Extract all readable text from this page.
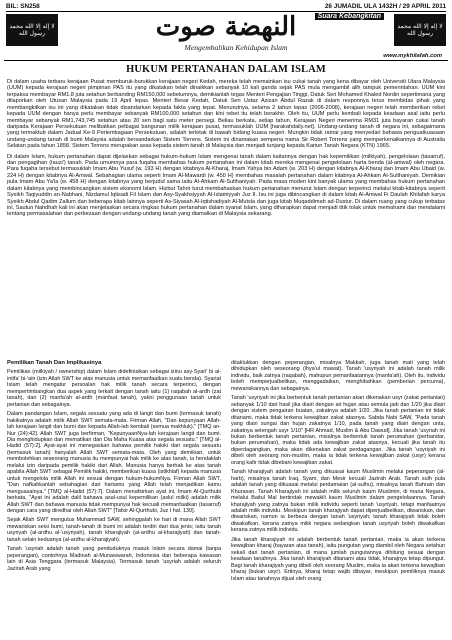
BIL: SN258	26 JUMADIL ULA 1432H / 29 APRIL 2011
لا إله إلا الله محمد رسول الله	النهضة صوت	Suara Kebangkitan
Mengembalikan Kehidupan Islam
www.mykhilafah.com
لا إله إلا الله محمد رسول الله
HUKUM PERTANAHAN DALAM ISLAM

Di dalam usaha terbaru kerajaan Pusat memburuk-burukkan kerajaan negeri Kedah, mereka telah memainkan isu cukai tanah yang kena dibayar oleh Universiti Utara Malaysia (UUM) kepada kerajaan negeri pimpinan PAS itu yang dikatakan telah dinaikkan sebanyak 10 kali ganda sejak PAS mula mengambil alih tampuk pemerintahan. UUM kini terpaksa membayar RM1.8 juta setahun berbanding RM150,000 sebelumnya, demikianlah tegas Menteri Pengajian Tinggi, Datuk Seri Mohamed Khaled Nordin sepertimana yang dilaporkan oleh Utusan Malaysia pada 19 April lepas. Menteri Besar Kedah, Datuk Seri Ustaz Azizan Abdul Razak di dalam responnya terus membidas pihak yang membangkitkan isu ini yang dikatakan tidak disandarkan kepada fakta yang tepat. Menurutnya, selama 2 tahun lepas (2006-2008), kerajaan negeri telah memberikan rebet kepada UUM dengan hanya perlu membayar sebanyak RM100,000 setahun dan kini rebet itu telah berakhir. Oleh itu, UUM perlu kembali kepada keadaan asal iaitu perlu membayar sebanyak RM1,743,745 setahun atau 20 sen bagi satu meter persegi. Beliau berkata, setiap tahun, Kerajaan Negeri menerima RM31 juta bayaran cukai tanah daripada Kerajaan Persekutuan melibatkan pelbagai bangunan milik kerajaan pusat, termasuklah UUM [harakahdaily.net]. Undang-undang tanah di negara ini, sebagaimana yang termaktub dalam Jadual Ke-9 Perlembagaan Persekutuan, adalah terletak di bawah bidang kuasa negeri. Mungkin tidak ramai yang menyedari bahawa penguatkuasaan undang-undang tanah di bumi Malaysia adalah bersandarkan Sistem Torrens. Sistem ini dinamakan sempena nama Sir Robert Torrens yang memperkenalkannya di Australia Selatan pada tahun 1858. Sistem Torrens merupakan asas kepada sistem tanah di Malaysia dan menjadi tunjang kepada Kanun Tanah Negara (KTN) 1965.

Di dalam Islam, hukum pertanahan dapat dijelaskan sebagai hukum-hukum Islam mengenai tanah dalam kaitannya dengan hak kepemilikan (milkiyah), pengelolaan (tasarruf), dan pengagihan (tauzi') tanah. Pada umumnya para fuqaha membahas hukum pertanahan ini dalam kitab mereka mengenai pengelolaan harta benda (al-amwal) oleh negara. Para fuqaha tersebut termasuklah Imam Abu Yusuf (w. 193 H) dengan kitabnya Al-Kharaj, Imam Yahya bin Adam (w. 203 H) dengan kitabnya Al-Kharaj dan Imam Abu Ubaid (w. 224 H) dengan kitabnya Al-Amwal. Sebahagian ulama seperti Imam Al-Mawardi (w. 450 H) membahas masalah pertanahan dalam kitabnya Al-Ahkam Al-Sulthaniyah. Demikian pula Imam Abu Ya'la (w. 458 H) dengan kitabnya yang berjudul sama iaitu Al-Ahkam Al-Sulthaniyah. Pada masa moden kini banyak ulama yang membahas hukum pertanahan dalam kitabnya yang membincangkan sistem ekonomi Islam. Hizbut Tahrir turut membahaskan hukum pertanahan menurut Islam dengan terperinci melalui kitab-kitabnya seperti Syeikh Taqiyuddin an-Nabhani, Nizdamul Iqtisadi Fil Islam dan Asy-Syakhsiyyah Al-Islamiyyah Juz II. Isu ini juga dibincangkan di dalam kitab Al-Amwal Fi Daulah Khilafah karya Syeikh Abdul Qadim Zallum dan beberapa kitab lainnya seperti As-Siyasah Al-Iqtishadiyah Al-Mutsla dan juga kitab Muqaddimah ad-Dustur. Di dalam ruang yang cukup terbatas ini, Sautun Nahdhah kali ini akan menjelaskan secara ringkas hukum pertanahan dalam syariat Islam, yang diharapkan dapat menjadi titik tolak untuk memahami dan mendalami tentang permasalahan dan perbezaan dengan undang-undang tanah yang diamalkan di Malaysia sekarang.

Pemilikan Tanah Dan Implikasinya

Pemilikan (milkiyah / ownership) dalam Islam didefinisikan sebagai izinu asy-Syari' bi al-intifa' bi-'ain (izin Allah SWT ke atas manusia untuk memanfaatkan suatu benda). Syariat Islam telah mengatur persoalan hak milik tanah secara terperinci, dengan mempertimbangkan dua aspek yang terkait dengan tanah iaitu (1) raqabah al-ardh (zat tanah), dan (2) manfa'ah al-ardh (manfaat tanah), yakni penggunaan tanah untuk pertanian dan sebagainya.

Dalam pandangan Islam, segala sesuatu yang ada di langit dan bumi (termasuk tanah) hakikatnya adalah milik Allah SWT semata-mata. Firman Allah, "Dan kepunyaan Allah-lah kerajaan langit dan bumi dan kepada Allah-lah kembali (semua makhluk)." [TMQ an-Nur (24):42]. Allah SWT juga berfirman, "KepunyaanNya-lah kerajaan langit dan bumi. Dia menghidupkan dan mematikan dan Dia Maha Kuasa atas segala sesuatu." [TMQ al-Hadid (57):2]. Ayat-ayat ini menegaskan bahawa pemilik hakiki dari segala sesuatu (termasuk tanah) hanyalah Allah SWT semata-mata. Oleh yang demikian, untuk membolehkan seseorang manusia itu mempunyai hak milik ke atas tanah, ia hendaklah melalui izin daripada pemilik hakiki dari Allah. Manusia hanya berhak ke atas tanah apabila Allah SWT sebagai Pemilik hakiki, memberikan kuasa (istikhlaf) kepada manusia untuk mengelola milik Allah ini sesuai dengan hukum-hukumNya. Firman Allah SWT, "Dan nafkahkanlah sebahagian dari hartamu yang Allah telah menjadikan kamu menguasainya." [TMQ al-Hadid (57):7]. Dalam menafsirkan ayat ini, Imam Al-Qurthubi berkata, "Ayat ini adalah dalil bahawa asal-usul kepemilikan (aslul milki) adalah milik Allah SWT dan bahawa manusia tidak mempunyai hak kecuali memanfaatkan (tasarruf) dengan cara yang diredhai oleh Allah SWT" [Tafsir Al-Qurthubi, Juz I hal. 130].

Sejak Allah SWT mengutus Muhammad SAW, sehinggalah ke hari di mana Allah SWT mewariskan seisi bumi, tanah-tanah di bumi ini adalah terdiri dari dua jenis; iaitu tanah usyriyah (al-ardhu al-'usyriyah), tanah kharajiyah (al-ardhu al-kharajiyah) dan tanah-tanah selain keduanya (al-ardhu al-kharajiyah).

Tanah 'usyriah adalah tanah yang penduduknya masuk Islam secara damai (tanpa peperangan), contohnya Madinah al-Munawwarah, Indonesia dan beberapa kawasan lain di Asia Tenggara (termasuk Malaysia). Termasuk tanah 'usyriah adalah seluruh Jazirah Arab yang

ditaklukkan dengan peperangan, misalnya Makkah, juga tanah mati yang telah dihidupkan oleh seseorang (ihya'ul mawat). Tanah 'usyriyah ini adalah tanah milik individu, baik zatnya (raqabah), mahupun pemanfaatannya (manfa'ah). Oleh itu, individu boleh memperjualbelikan, menggadaikan, menghibahkan (pemberian percuma), mewariskannya dan sebagainya.

Tanah 'usyriyah ini jika berbentuk tanah pertanian akan dikenakan usyr (zakat pertanian) sebanyak 1/10 dari hasil jika diairi dengan air hujan atau semula jadi dan 1/20 jika diairi dengan sistem pengairan buatan, zakatnya adalah 1/20. Jika tanah pertanian ini tidak ditanami, maka tidak terkena kewajiban zakat atasnya. Sabda Nabi SAW, "Pada tanah yang diairi sungai dan hujan zakatnya 1/10, pada tanah yang diairi dengan unta, zakatnya setengah usyr 1/10" [HR Ahmad, Muslim & Abu Dawud]. Jika tanah 'usyriah ini bukan berbentuk tanah pertanian, misalnya berbentuk tanah perumahan (perbandar, bukan perumahan), maka tidak ada kewajiban zakat atasnya, kecuali jika tanah itu diperdagangkan, maka akan dikenakan zakat perdagangan. Jika tanah 'usyriyah ini dibeli oleh seorang non-muslim, maka ia tidak terkena kewajiban zakat (usyr) kerana orang kafir tidak dibebani kewajiban zakat.

Tanah kharajiyah adalah tanah yang dikuasai kaum Muslimin melalui peperangan (al-harb), misalnya tanah Iraq, Syam, dan Mesir kecuali Jazirah Arab. Tanah sulh pula adalah tanah yang dikuasai melalui perdamaian (al-sulhu), misalnya tanah Bahrain dan Khurasan. Tanah Kharajiyah ini adalah milik seluruh kaum Muslimin, di mana Negara, melalui Baitul Mal bertindak mewakili kaum Muslimin dalam pengelolaannya. Tanah kharajiyah yang zatnya bukan milik individu seperti tanah 'usyriyah, tetapi manfaatnya adalah milik individu. Meskipun tanah kharajiyah dapat diperjualbelikan, diwariskan, dan diwariskan, namun ia berbeza dengan tanah 'usyriyah; tanah kharajiyah tidak boleh diwakafkan, kerana zatnya milik negara sedangkan tanah usyriyah boleh diwakafkan kerana zatnya milik individu.

Jika tanah kharajiyah ini adalah berbentuk tanah pertanian, maka ia akan terkena kewajiban kharaj (bayaran atas tanah), iaitu pungutan yang diambil oleh Negara setahun sekali dari tanah pertanian, di mana jumlah pungutannya dihitung sesuai dengan keadaan tanahnya. Jika tanah kharajiyah ditanami atau tidak, kharajnya tetap dipungut. Bagi tanah kharajiyah yang dibeli oleh seorang Muslim, maka ia akan terkena kewajiban kharaj (bukan usyr). Ertinya, kharaj tetap wajib dibayar, meskipun pemiliknya masuk Islam atau tanahnya dijual oleh orang
